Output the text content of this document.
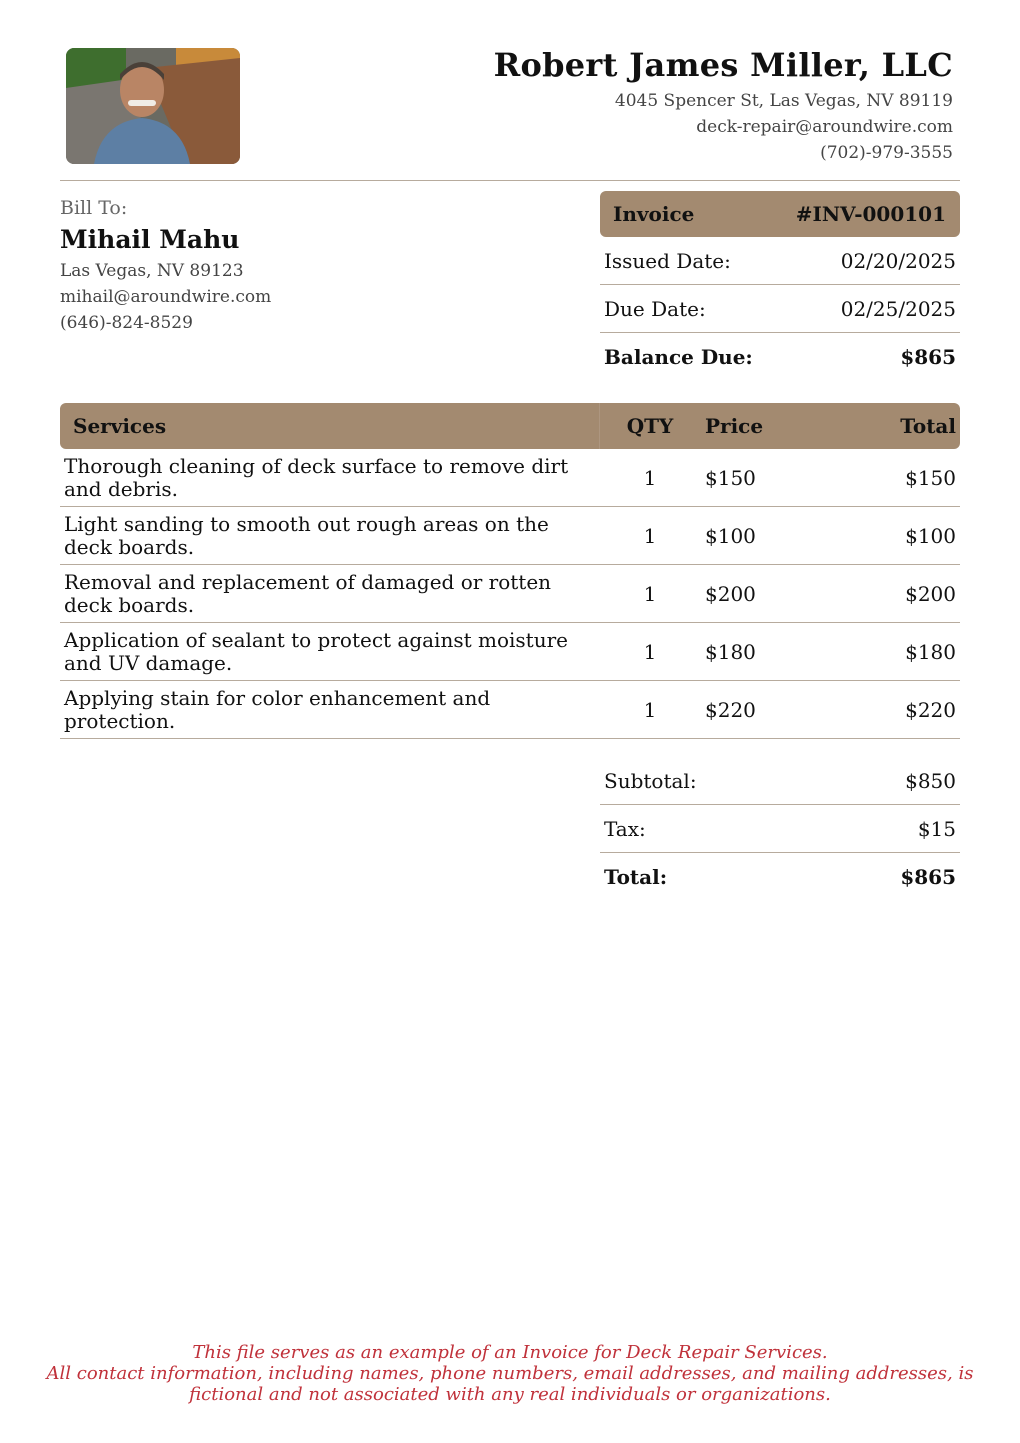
Robert James Miller, LLC
4045 Spencer St, Las Vegas, NV 89119
deck-repair@aroundwire.com
(702)-979-3555
Bill To:
Mihail Mahu
Las Vegas, NV 89123
mihail@aroundwire.com
(646)-824-8529
Invoice	#INV-000101
Issued Date:	02/20/2025
Due Date:	02/25/2025
Balance Due:	$865
Services	QTY	Price	Total
Thorough cleaning of deck surface to remove dirt and debris.	1	$150	$150
Light sanding to smooth out rough areas on the deck boards.	1	$100	$100
Removal and replacement of damaged or rotten deck boards.	1	$200	$200
Application of sealant to protect against moisture and UV damage.	1	$180	$180
Applying stain for color enhancement and protection.	1	$220	$220
Subtotal:	$850
Tax:	$15
Total:	$865
This file serves as an example of an Invoice for Deck Repair Services.
All contact information, including names, phone numbers, email addresses, and mailing addresses, is
fictional and not associated with any real individuals or organizations.
